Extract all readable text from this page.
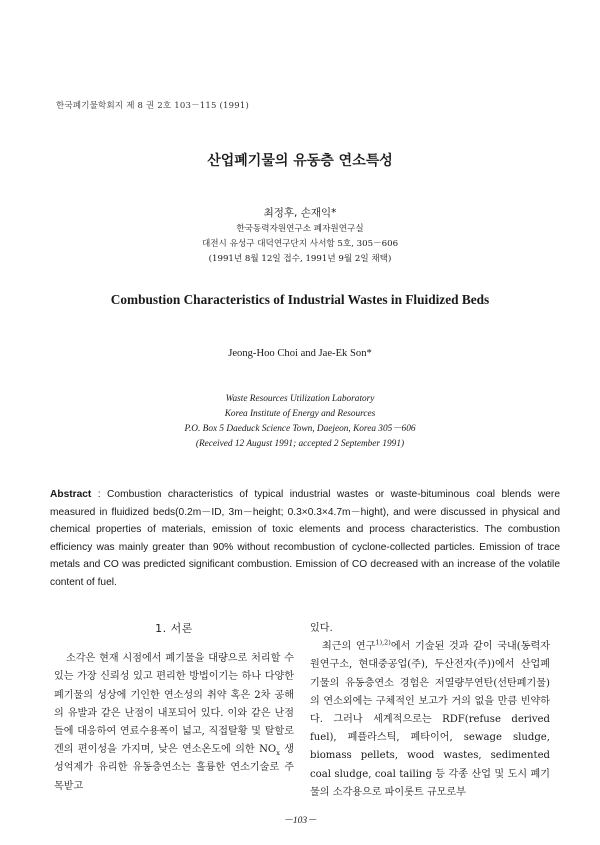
한국폐기물학회지 제 8 권 2호 103－115 (1991)
산업폐기물의 유동층 연소특성
최정후, 손재익*
한국동력자원연구소 폐자원연구실
대전시 유성구 대덕연구단지 사서함 5호, 305－606
(1991년 8월 12일 접수, 1991년 9월 2일 채택)
Combustion Characteristics of Industrial Wastes in Fluidized Beds
Jeong-Hoo Choi and Jae-Ek Son*
Waste Resources Utilization Laboratory
Korea Institute of Energy and Resources
P.O. Box 5 Daeduck Science Town, Daejeon, Korea 305－606
(Received 12 August 1991; accepted 2 September 1991)
Abstract : Combustion characteristics of typical industrial wastes or waste-bituminous coal blends were measured in fluidized beds(0.2m－ID, 3m－height; 0.3×0.3×4.7m－hight), and were discussed in physical and chemical properties of materials, emission of toxic elements and process characteristics. The combustion efficiency was mainly greater than 90% without recombustion of cyclone-collected particles. Emission of trace metals and CO was predicted significant combustion. Emission of CO decreased with an increase of the volatile content of fuel.
1. 서론

소각은 현재 시점에서 폐기물을 대량으로 처리할 수 있는 가장 신뢰성 있고 편리한 방법이기는 하나 다양한 폐기물의 성상에 기인한 연소성의 취약 혹은 2차 공해의 유발과 같은 난점이 내포되어 있다. 이와 같은 난점들에 대응하여 연료수용폭이 넓고, 직접탈황 및 탈할로겐의 편이성을 가지며, 낮은 연소온도에 의한 $NO_x$ 생성억제가 유리한 유동층연소는 훌륭한 연소기술로 주목받고

있다.

최근의 연구$^{1),2)}$에서 기술된 것과 같이 국내(동력자원연구소, 현대중공업(주), 두산전자(주))에서 산업폐기물의 유동층연소 경험은 저열량무연탄(선탄폐기물)의 연소외에는 구체적인 보고가 거의 없을 만큼 빈약하다. 그러나 세계적으로는 RDF(refuse derived fuel), 폐플라스틱, 폐타이어, sewage sludge, biomass pellets, wood wastes, sedimented coal sludge, coal tailing 등 각종 산업 및 도시 폐기물의 소각용으로 파이롯트 규모로부

－103－
